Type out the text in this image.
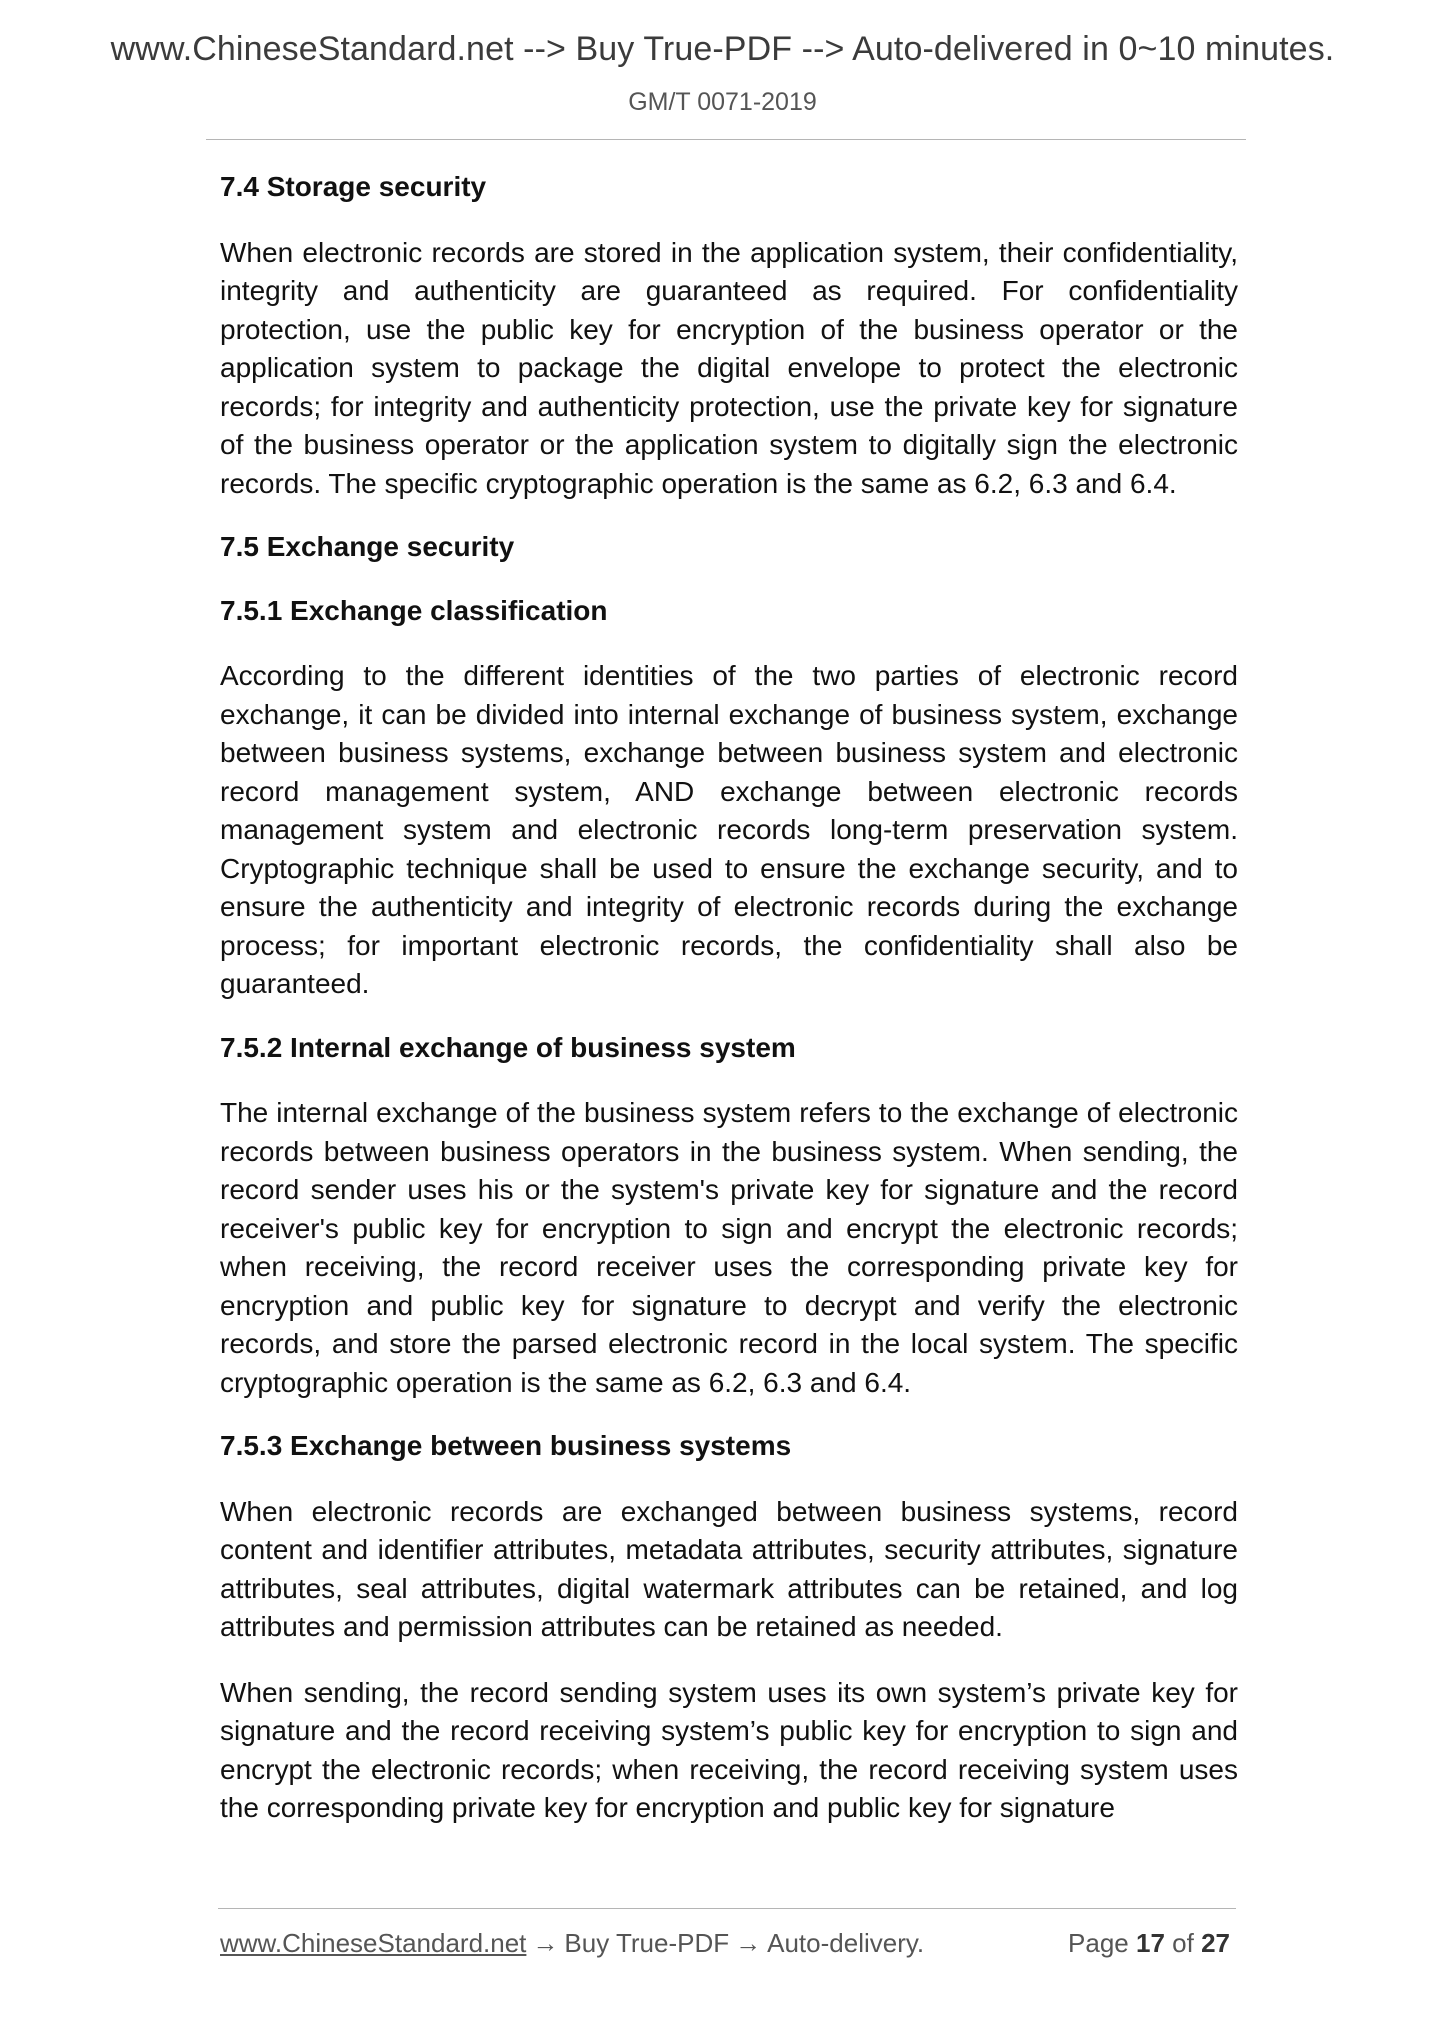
www.ChineseStandard.net --> Buy True-PDF --> Auto-delivered in 0~10 minutes.
GM/T 0071-2019
7.4 Storage security

When electronic records are stored in the application system, their confidentiality, integrity and authenticity are guaranteed as required. For confidentiality protection, use the public key for encryption of the business operator or the application system to package the digital envelope to protect the electronic records; for integrity and authenticity protection, use the private key for signature of the business operator or the application system to digitally sign the electronic records. The specific cryptographic operation is the same as 6.2, 6.3 and 6.4.

7.5 Exchange security
7.5.1 Exchange classification

According to the different identities of the two parties of electronic record exchange, it can be divided into internal exchange of business system, exchange between business systems, exchange between business system and electronic record management system, AND exchange between electronic records management system and electronic records long-term preservation system. Cryptographic technique shall be used to ensure the exchange security, and to ensure the authenticity and integrity of electronic records during the exchange process; for important electronic records, the confidentiality shall also be guaranteed.

7.5.2 Internal exchange of business system

The internal exchange of the business system refers to the exchange of electronic records between business operators in the business system. When sending, the record sender uses his or the system's private key for signature and the record receiver's public key for encryption to sign and encrypt the electronic records; when receiving, the record receiver uses the corresponding private key for encryption and public key for signature to decrypt and verify the electronic records, and store the parsed electronic record in the local system. The specific cryptographic operation is the same as 6.2, 6.3 and 6.4.

7.5.3 Exchange between business systems

When electronic records are exchanged between business systems, record content and identifier attributes, metadata attributes, security attributes, signature attributes, seal attributes, digital watermark attributes can be retained, and log attributes and permission attributes can be retained as needed.

When sending, the record sending system uses its own system’s private key for signature and the record receiving system’s public key for encryption to sign and encrypt the electronic records; when receiving, the record receiving system uses the corresponding private key for encryption and public key for signature

www.ChineseStandard.net → Buy True-PDF → Auto-delivery.	Page 17 of 27
